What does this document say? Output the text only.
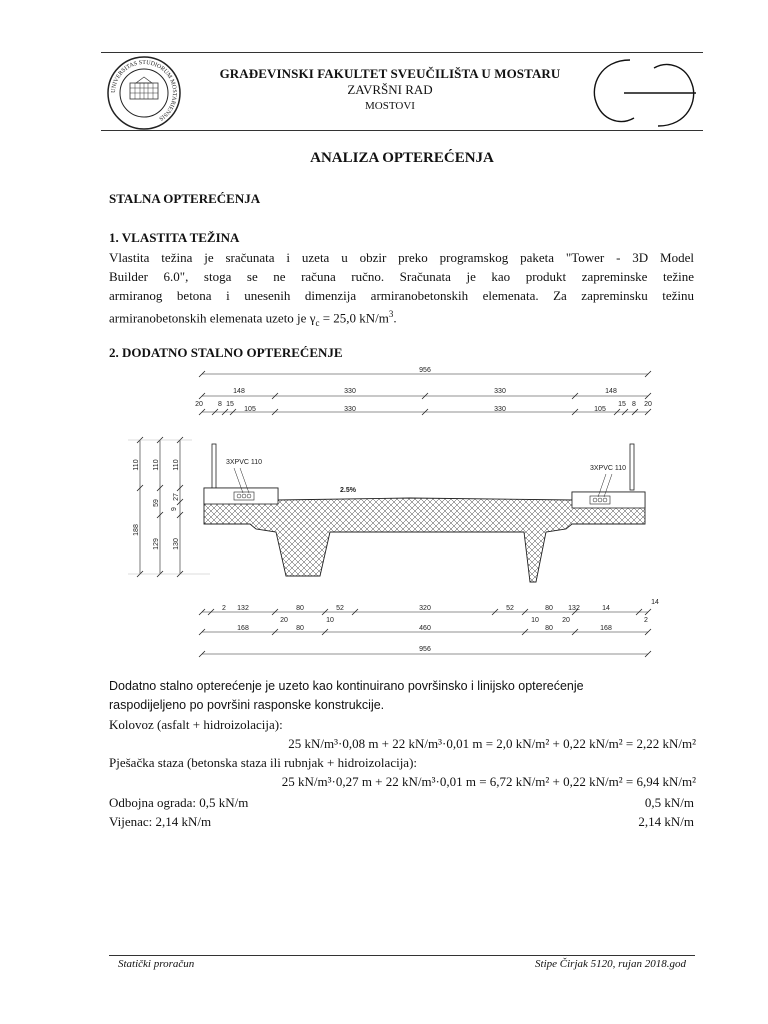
UNIVERSITAS STUDIORUM MOSTARIENSIS
GRAĐEVINSKI FAKULTET SVEUČILIŠTA U MOSTARU
ZAVRŠNI RAD
MOSTOVI
ANALIZA OPTEREĆENJA
STALNA OPTEREĆENJA
1. VLASTITA TEŽINA
Vlastita težina je sračunata i uzeta u obzir preko programskog paketa "Tower - 3D Model
Builder 6.0", stoga se ne računa ručno. Sračunata je kao produkt zapreminske težine
armiranog betona i unesenih dimenzija armiranobetonskih elemenata. Za zapreminsku težinu
armiranobetonskih elemenata uzeto je $\gamma_c = 25,0$ $kN/m^3$.
2. DODATNO STALNO OPTEREĆENJE
956
148	330	330	148
20 8 15
105	330	330	105
15 8 20
110 110 110
59
9
27
188
129 130
3XPVC 110
3XPVC 110
2.5%
14
2 132	80	52	320	52	80 132	14
20	10	10	20	2
168	80	460	80	168
956
Dodatno stalno opterećenje je uzeto kao kontinuirano površinsko i linijsko opterećenje
raspodijeljeno po površini rasponske konstrukcije.
Kolovoz (asfalt + hidroizolacija):
25 kN/m³·0,08 m + 22 kN/m³·0,01 m = 2,0 kN/m² + 0,22 kN/m² = 2,22 kN/m²
Pješačka staza (betonska staza ili rubnjak + hidroizolacija):
25 kN/m³·0,27 m + 22 kN/m³·0,01 m = 6,72 kN/m² + 0,22 kN/m² = 6,94 kN/m²
Odbojna ograda: 0,5 kN/m	0,5 kN/m
Vijenac: 2,14 kN/m	2,14 kN/m
Statički proračun	Stipe Čirjak 5120, rujan 2018.god
